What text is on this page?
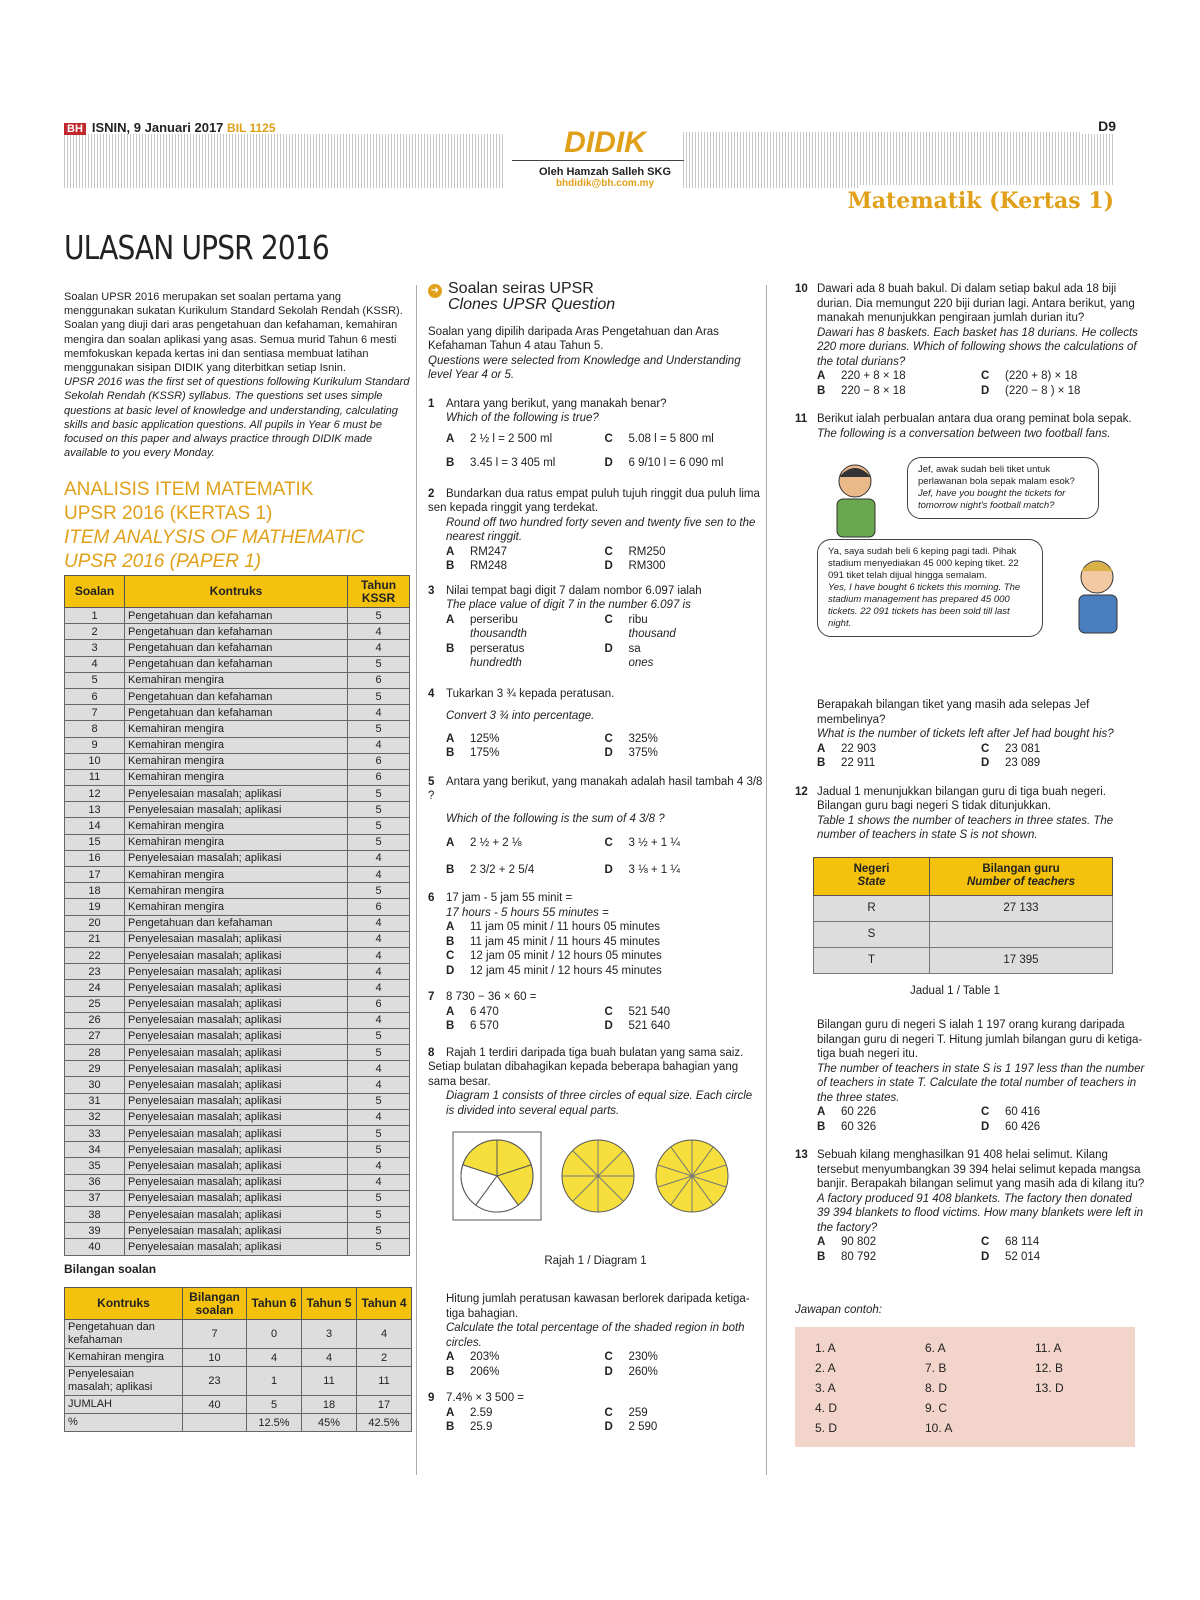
BH ISNIN, 9 Januari 2017 BIL 1125	DIDIK
Oleh Hamzah Salleh SKG
bhdidik@bh.com.my
D9
Matematik (Kertas 1)
ULASAN UPSR 2016
Soalan UPSR 2016 merupakan set soalan pertama yang menggunakan sukatan Kurikulum Standard Sekolah Rendah (KSSR). Soalan yang diuji dari aras pengetahuan dan kefahaman, kemahiran mengira dan soalan aplikasi yang asas. Semua murid Tahun 6 mesti memfokuskan kepada kertas ini dan sentiasa membuat latihan menggunakan sisipan DIDIK yang diterbitkan setiap Isnin.
UPSR 2016 was the first set of questions following Kurikulum Standard Sekolah Rendah (KSSR) syllabus. The questions set uses simple questions at basic level of knowledge and understanding, calculating skills and basic application questions. All pupils in Year 6 must be focused on this paper and always practice through DIDIK made available to you every Monday.
ANALISIS ITEM MATEMATIK
UPSR 2016 (KERTAS 1)
ITEM ANALYSIS OF MATHEMATIC
UPSR 2016 (PAPER 1)
Soalan	Kontruks	Tahun KSSR
1	Pengetahuan dan kefahaman	5
2	Pengetahuan dan kefahaman	4
3	Pengetahuan dan kefahaman	4
4	Pengetahuan dan kefahaman	5
5	Kemahiran mengira	6
6	Pengetahuan dan kefahaman	5
7	Pengetahuan dan kefahaman	4
8	Kemahiran mengira	5
9	Kemahiran mengira	4
10	Kemahiran mengira	6
11	Kemahiran mengira	6
12	Penyelesaian masalah; aplikasi	5
13	Penyelesaian masalah; aplikasi	5
14	Kemahiran mengira	5
15	Kemahiran mengira	5
16	Penyelesaian masalah; aplikasi	4
17	Kemahiran mengira	4
18	Kemahiran mengira	5
19	Kemahiran mengira	6
20	Pengetahuan dan kefahaman	4
21	Penyelesaian masalah; aplikasi	4
22	Penyelesaian masalah; aplikasi	4
23	Penyelesaian masalah; aplikasi	4
24	Penyelesaian masalah; aplikasi	4
25	Penyelesaian masalah; aplikasi	6
26	Penyelesaian masalah; aplikasi	4
27	Penyelesaian masalah; aplikasi	5
28	Penyelesaian masalah; aplikasi	5
29	Penyelesaian masalah; aplikasi	4
30	Penyelesaian masalah; aplikasi	4
31	Penyelesaian masalah; aplikasi	5
32	Penyelesaian masalah; aplikasi	4
33	Penyelesaian masalah; aplikasi	5
34	Penyelesaian masalah; aplikasi	5
35	Penyelesaian masalah; aplikasi	4
36	Penyelesaian masalah; aplikasi	4
37	Penyelesaian masalah; aplikasi	5
38	Penyelesaian masalah; aplikasi	5
39	Penyelesaian masalah; aplikasi	5
40	Penyelesaian masalah; aplikasi	5
Bilangan soalan
Kontruks	Bilangan soalan	Tahun 6	Tahun 5	Tahun 4
Pengetahuan dan kefahaman	7	0	3	4
Kemahiran mengira	10	4	4	2
Penyelesaian masalah; aplikasi	23	1	11	11
JUMLAH	40	5	18	17
%		12.5%	45%	42.5%
➜ Soalan seiras UPSR
Clones UPSR Question
Soalan yang dipilih daripada Aras Pengetahuan dan Aras Kefahaman Tahun 4 atau Tahun 5.
Questions were selected from Knowledge and Understanding level Year 4 or 5.
1 Antara yang berikut, yang manakah benar?
Which of the following is true?
A 2 ½ l = 2 500 ml	C 5.08 l = 5 800 ml
B 3.45 l = 3 405 ml	D 6 9/10 l = 6 090 ml
2 Bundarkan dua ratus empat puluh tujuh ringgit dua puluh lima sen kepada ringgit yang terdekat.
Round off two hundred forty seven and twenty five sen to the nearest ringgit.
A RM247	C RM250
B RM248	D RM300
3 Nilai tempat bagi digit 7 dalam nombor 6.097 ialah
The place value of digit 7 in the number 6.097 is
A perseribu
thousandth
C ribu
thousand
B perseratus
hundredth
D sa
ones
4 Tukarkan 3 ¾ kepada peratusan.
Convert 3 ¾ into percentage.
A 125%	C 325%
B 175%	D 375%
5 Antara yang berikut, yang manakah adalah hasil tambah 4 3/8 ?
Which of the following is the sum of 4 3/8 ?
A 2 ½ + 2 ⅛	C 3 ½ + 1 ¼
B 2 3/2 + 2 5/4	D 3 ⅛ + 1 ¼
6 17 jam - 5 jam 55 minit =
17 hours - 5 hours 55 minutes =
A 11 jam 05 minit / 11 hours 05 minutes
B 11 jam 45 minit / 11 hours 45 minutes
C 12 jam 05 minit / 12 hours 05 minutes
D 12 jam 45 minit / 12 hours 45 minutes
7 8 730 − 36 × 60 =
A 6 470	C 521 540
B 6 570	D 521 640
8 Rajah 1 terdiri daripada tiga buah bulatan yang sama saiz. Setiap bulatan dibahagikan kepada beberapa bahagian yang sama besar.
Diagram 1 consists of three circles of equal size. Each circle is divided into several equal parts.
Rajah 1 / Diagram 1
Hitung jumlah peratusan kawasan berlorek daripada ketiga-tiga bahagian.
Calculate the total percentage of the shaded region in both circles.
A 203%	C 230%
B 206%	D 260%
9 7.4% × 3 500 =
A 2.59	C 259
B 25.9	D 2 590
10 Dawari ada 8 buah bakul. Di dalam setiap bakul ada 18 biji durian. Dia memungut 220 biji durian lagi. Antara berikut, yang manakah menunjukkan pengiraan jumlah durian itu?
Dawari has 8 baskets. Each basket has 18 durians. He collects 220 more durians. Which of following shows the calculations of the total durians?
A 220 + 8 × 18	C (220 + 8) × 18
B 220 − 8 × 18	D (220 − 8 ) × 18
11 Berikut ialah perbualan antara dua orang peminat bola sepak.
The following is a conversation between two football fans.
Jef, awak sudah beli tiket untuk perlawanan bola sepak malam esok?
Jef, have you bought the tickets for tomorrow night's football match?
Ya, saya sudah beli 6 keping pagi tadi. Pihak stadium menyediakan 45 000 keping tiket. 22 091 tiket telah dijual hingga semalam.
Yes, I have bought 6 tickets this morning. The stadium management has prepared 45 000 tickets. 22 091 tickets has been sold till last night.
Berapakah bilangan tiket yang masih ada selepas Jef membelinya?
What is the number of tickets left after Jef had bought his?
A 22 903	C 23 081
B 22 911	D 23 089
12 Jadual 1 menunjukkan bilangan guru di tiga buah negeri. Bilangan guru bagi negeri S tidak ditunjukkan.
Table 1 shows the number of teachers in three states. The number of teachers in state S is not shown.
Negeri
State	Bilangan guru
Number of teachers
R	27 133
S	
T	17 395
Jadual 1 / Table 1
Bilangan guru di negeri S ialah 1 197 orang kurang daripada bilangan guru di negeri T. Hitung jumlah bilangan guru di ketiga-tiga buah negeri itu.
The number of teachers in state S is 1 197 less than the number of teachers in state T. Calculate the total number of teachers in the three states.
A 60 226	C 60 416
B 60 326	D 60 426
13 Sebuah kilang menghasilkan 91 408 helai selimut. Kilang tersebut menyumbangkan 39 394 helai selimut kepada mangsa banjir. Berapakah bilangan selimut yang masih ada di kilang itu?
A factory produced 91 408 blankets. The factory then donated 39 394 blankets to flood victims. How many blankets were left in the factory?
A 90 802	C 68 114
B 80 792	D 52 014
Jawapan contoh:
1. A
2. A
3. A
4. D
5. D
6. A
7. B
8. D
9. C
10. A
11. A
12. B
13. D
